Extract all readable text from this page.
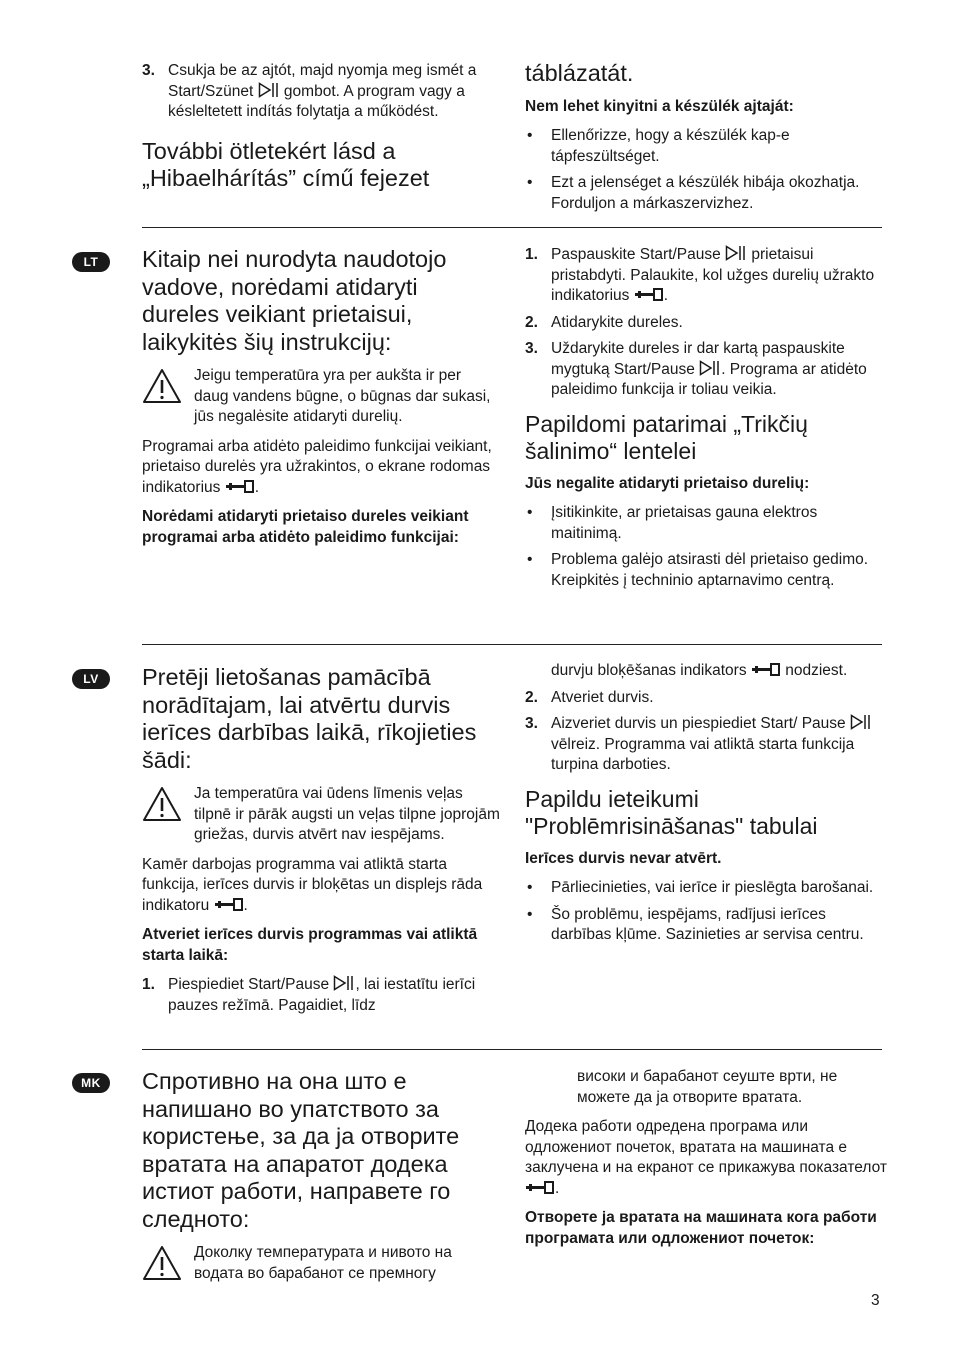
3. Csukja be az ajtót, majd nyomja meg ismét a Start/Szünet gombot. A program vagy a késleltetett indítás folytatja a működést.
További ötletekért lásd a „Hibaelhárítás” című fejezet
táblázatát.
Nem lehet kinyitni a készülék ajtaját:
• Ellenőrizze, hogy a készülék kap-e tápfeszültséget.
• Ezt a jelenséget a készülék hibája okozhatja. Forduljon a márkaszervizhez.
LT	Kitaip nei nurodyta naudotojo vadove, norėdami atidaryti dureles veikiant prietaisui, laikykitės šių instrukcijų:
Jeigu temperatūra yra per aukšta ir per daug vandens būgne, o būgnas dar sukasi, jūs negalėsite atidaryti durelių.
Programai arba atidėto paleidimo funkcijai veikiant, prietaiso durelės yra užrakintos, o ekrane rodomas indikatorius .
Norėdami atidaryti prietaiso dureles veikiant programai arba atidėto paleidimo funkcijai:
1. Paspauskite Start/Pause prietaisui pristabdyti. Palaukite, kol užges durelių užrakto indikatorius .
2. Atidarykite dureles.
3. Uždarykite dureles ir dar kartą paspauskite mygtuką Start/Pause . Programa ar atidėto paleidimo funkcija ir toliau veikia.
Papildomi patarimai „Trikčių šalinimo“ lentelei
Jūs negalite atidaryti prietaiso durelių:
• Įsitikinkite, ar prietaisas gauna elektros maitinimą.
• Problema galėjo atsirasti dėl prietaiso gedimo. Kreipkitės į techninio aptarnavimo centrą.
LV	Pretēji lietošanas pamācībā norādītajam, lai atvērtu durvis ierīces darbības laikā, rīkojieties šādi:
Ja temperatūra vai ūdens līmenis veļas tilpnē ir pārāk augsti un veļas tilpne joprojām griežas, durvis atvērt nav iespējams.
Kamēr darbojas programma vai atliktā starta funkcija, ierīces durvis ir bloķētas un displejs rāda indikatoru .
Atveriet ierīces durvis programmas vai atliktā starta laikā:
1. Piespiediet Start/Pause , lai iestatītu ierīci pauzes režīmā. Pagaidiet, līdz
durvju bloķēšanas indikators nodziest.
2. Atveriet durvis.
3. Aizveriet durvis un piespiediet Start/ Pause  vēlreiz. Programma vai atliktā starta funkcija turpina darboties.
Papildu ieteikumi "Problēmrisināšanas" tabulai
Ierīces durvis nevar atvērt.
• Pārliecinieties, vai ierīce ir pieslēgta barošanai.
• Šo problēmu, iespējams, radījusi ierīces darbības kļūme. Sazinieties ar servisa centru.
MK	Спротивно на она што е напишано во упатството за користење, за да ја отворите вратата на апаратот додека истиот работи, направете го следното:
Доколку температурата и нивото на водата во барабанот се премногу
високи и барабанот сеуште врти, не можете да ја отворите вратата.
Додека работи одредена програма или одложениот почеток, вратата на машината е заклучена и на екранот се прикажува показателот .
Отворете ја вратата на машината кога работи програмата или одложениот почеток:
3
